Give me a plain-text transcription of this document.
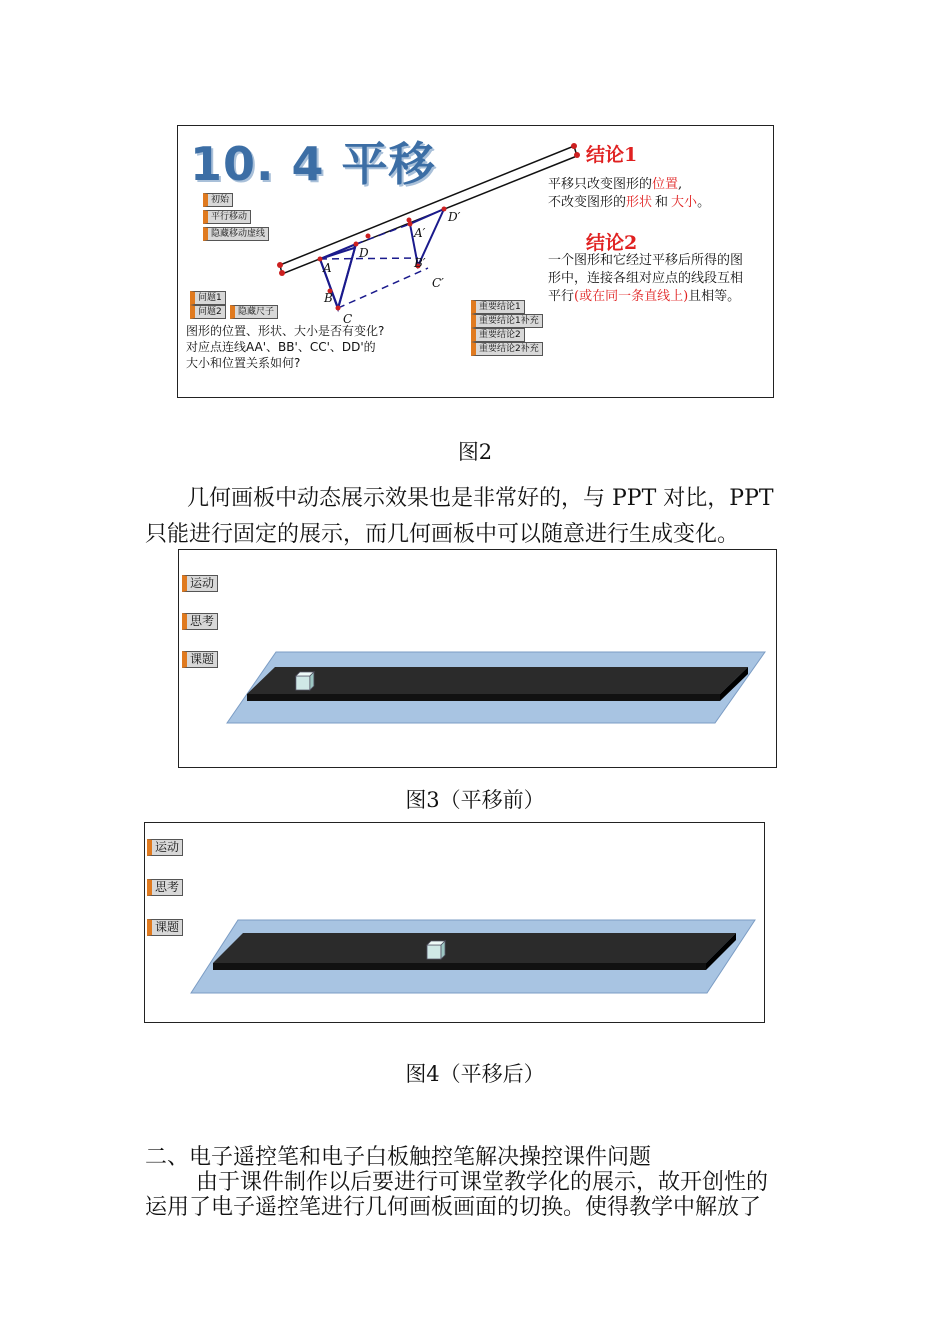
10. 4 平移
A
B
C
D
A′
B′
C′
D′
初始
平行移动
隐藏移动虚线
问题1
问题2	隐藏尺子
图形的位置、形状、大小是否有变化?
对应点连线AA'、BB'、CC'、DD'的
大小和位置关系如何?
结论1
平移只改变图形的位置,
不改变图形的形状 和 大小。
结论2
一个图形和它经过平移后所得的图
形中，连接各组对应点的线段互相
平行(或在同一条直线上)且相等。
重要结论1
重要结论1补充
重要结论2
重要结论2补充
图2
几何画板中动态展示效果也是非常好的，与 PPT 对比，PPT
只能进行固定的展示，而几何画板中可以随意进行生成变化。
运动
思考
课题
图3（平移前）
运动
思考
课题
图4（平移后）
二、电子遥控笔和电子白板触控笔解决操控课件问题
由于课件制作以后要进行可课堂教学化的展示，故开创性的
运用了电子遥控笔进行几何画板画面的切换。使得教学中解放了
